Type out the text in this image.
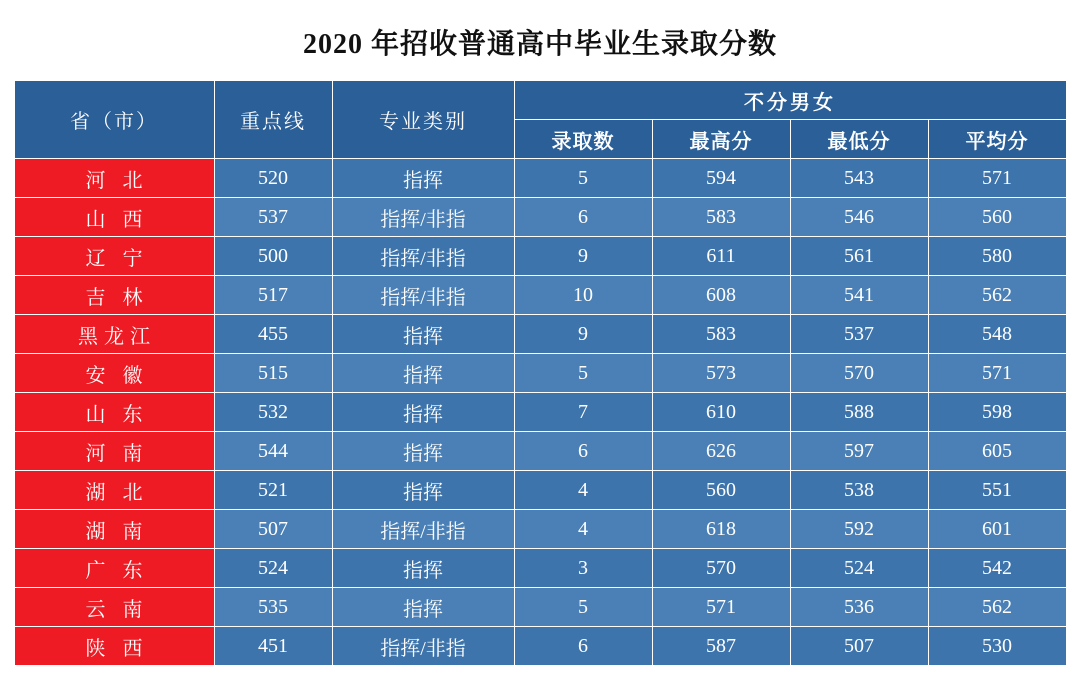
2020 年招收普通高中毕业生录取分数
省（市）	重点线	专业类别	不分男女			
			录取数	最高分	最低分	平均分
河 北	520	指挥	5	594	543	571
山 西	537	指挥/非指	6	583	546	560
辽 宁	500	指挥/非指	9	611	561	580
吉 林	517	指挥/非指	10	608	541	562
黑龙江	455	指挥	9	583	537	548
安 徽	515	指挥	5	573	570	571
山 东	532	指挥	7	610	588	598
河 南	544	指挥	6	626	597	605
湖 北	521	指挥	4	560	538	551
湖 南	507	指挥/非指	4	618	592	601
广 东	524	指挥	3	570	524	542
云 南	535	指挥	5	571	536	562
陕 西	451	指挥/非指	6	587	507	530
